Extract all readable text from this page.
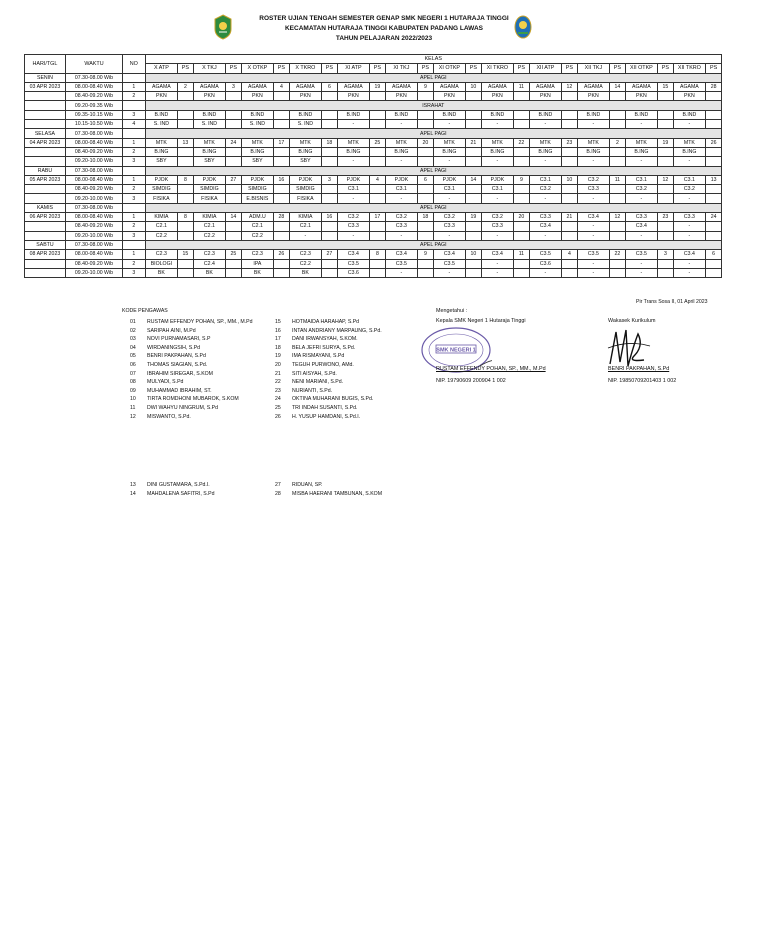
ROSTER UJIAN TENGAH SEMESTER GENAP SMK NEGERI 1 HUTARAJA TINGGI
KECAMATAN HUTARAJA TINGGI KABUPATEN PADANG LAWAS
TAHUN PELAJARAN 2022/2023
HARI/TGL	WAKTU	NO	KELAS																							
			X ATP	PS	X TKJ	PS	X OTKP	PS	X TKRO	PS	XI ATP	PS	XI TKJ	PS	XI OTKP	PS	XI TKRO	PS	XII ATP	PS	XII TKJ	PS	XII OTKP	PS	XII TKRO	PS
SENIN	07.30-08.00 Wib		APEL PAGI																							
03 APR 2023	08.00-08.40 Wib	1	AGAMA	2	AGAMA	3	AGAMA	4	AGAMA	6	AGAMA	19	AGAMA	9	AGAMA	10	AGAMA	11	AGAMA	12	AGAMA	14	AGAMA	15	AGAMA	28
	08.40-09.20 Wib	2	PKN		PKN		PKN		PKN		PKN		PKN		PKN		PKN		PKN		PKN		PKN		PKN	
	09.20-09.35 Wib		ISRAHAT																							
	09.35-10.15 Wib	3	B.IND		B.IND		B.IND		B.IND		B.IND		B.IND		B.IND		B.IND		B.IND		B.IND		B.IND		B.IND	
	10.15-10.50 Wib	4	S. IND		S. IND		S. IND		S. IND		-		-		-		-		-		-		-		-	
SELASA	07.30-08.00 Wib		APEL PAGI																							
04 APR 2023	08.00-08.40 Wib	1	MTK	13	MTK	24	MTK	17	MTK	18	MTK	25	MTK	20	MTK	21	MTK	22	MTK	23	MTK	2	MTK	19	MTK	26
	08.40-09.20 Wib	2	B.ING		B.ING		B.ING		B.ING		B.ING		B.ING		B.ING		B.ING		B.ING		B.ING		B.ING		B.ING	
	09.20-10.00 Wib	3	SBY		SBY		SBY		SBY		-		-		-		-		-		-		-		-	
RABU	07.30-08.00 Wib		APEL PAGI																							
05 APR 2023	08.00-08.40 Wib	1	PJOK	8	PJOK	27	PJOK	16	PJOK	3	PJOK	4	PJOK	6	PJOK	14	PJOK	9	C3.1	10	C3.2	11	C3.1	12	C3.1	13
	08.40-09.20 Wib	2	SIMDIG		SIMDIG		SIMDIG		SIMDIG		C3.1		C3.1		C3.1		C3.1		C3.2		C3.3		C3.2		C3.2	
	09.20-10.00 Wib	3	FISIKA		FISIKA		E.BISNIS		FISIKA		-		-		-		-		-		-		-		-	
KAMIS	07.30-08.00 Wib		APEL PAGI																							
06 APR 2023	08.00-08.40 Wib	1	KIMIA	8	KIMIA	14	ADM.U	28	KIMIA	16	C3.2	17	C3.2	18	C3.2	19	C3.2	20	C3.3	21	C3.4	12	C3.3	23	C3.3	24
	08.40-09.20 Wib	2	C2.1		C2.1		C2.1		C2.1		C3.3		C3.3		C3.3		C3.3		C3.4		-		C3.4		-	
	09.20-10.00 Wib	3	C2.2		C2.2		C2.2		-		-		-		-		-		-		-		-		-	
SABTU	07.30-08.00 Wib		APEL PAGI																							
08 APR 2023	08.00-08.40 Wib	1	C2.3	15	C2.3	25	C2.3	26	C2.3	27	C3.4	8	C3.4	9	C3.4	10	C3.4	11	C3.5	4	C3.5	22	C3.5	3	C3.4	6
	08.40-09.20 Wib	2	BIOLOGI		C2.4		IPA		C2.2		C3.5		C3.5		C3.5		-		C3.6		-		-		-	
	09.20-10.00 Wib	3	BK		BK		BK		BK		C3.6		-		-		-		-		-		-		-	
Pir Trans Sosa II, 01 April 2023
KODE PENGAWAS
01 RUSTAM EFFENDY POHAN, SP., MM., M.Pd
02 SARIPAH AINI, M.Pd
03 NOVI PURNAMASARI, S.P
04 WIRDANINGSIH, S.Pd
05 BENRI PAKPAHAN, S.Pd
06 THOMAS SIAGIAN, S.Pd.
07 IBRAHIM SIREGAR, S.KOM
08 MULYADI, S.Pd
09 MUHAMMAD IBRAHIM, ST.
10 TIRTA ROMDHONI MUBAROK, S.KOM
11 DWI WAHYU NINGRUM, S.Pd
12 MISWANTO, S.Pd.
15 HOTMAIDA HARAHAP, S.Pd
16 INTAN ANDRIANY MARPAUNG, S.Pd.
17 DANI IRWANSYAH, S.KOM.
18 BELA JEFRI SURYA, S.Pd.
19 IMA RISMAYANI, S.Pd
20 TEGUH PURWONO, AMd.
21 SITI AISYAH, S.Pd.
22 NENI MARIANI, S.Pd.
23 NURIANTI, S.Pd.
24 OKTINA MUHARANI BUGIS, S.Pd.
25 TRI INDAH SUSANTI, S.Pd.
26 H. YUSUP HAMDANI, S.Pd.I.
13 DINI GUSTAMARA, S.Pd.I.
14 MAHDALENA SAFITRI, S.Pd
27 RIDUAN, SP.
28 MISBA HAERANI TAMBUNAN, S.KOM
Mengetahui :
Kepala SMK Negeri 1 Hutaraja Tinggi
SMK NEGERI 1
RUSTAM EFFENDY POHAN, SP., MM., M.Pd
NIP. 19790609 200904 1 002
Wakasek Kurikulum
BENRI PAKPAHAN, S.Pd
NIP. 19850709201403 1 002
